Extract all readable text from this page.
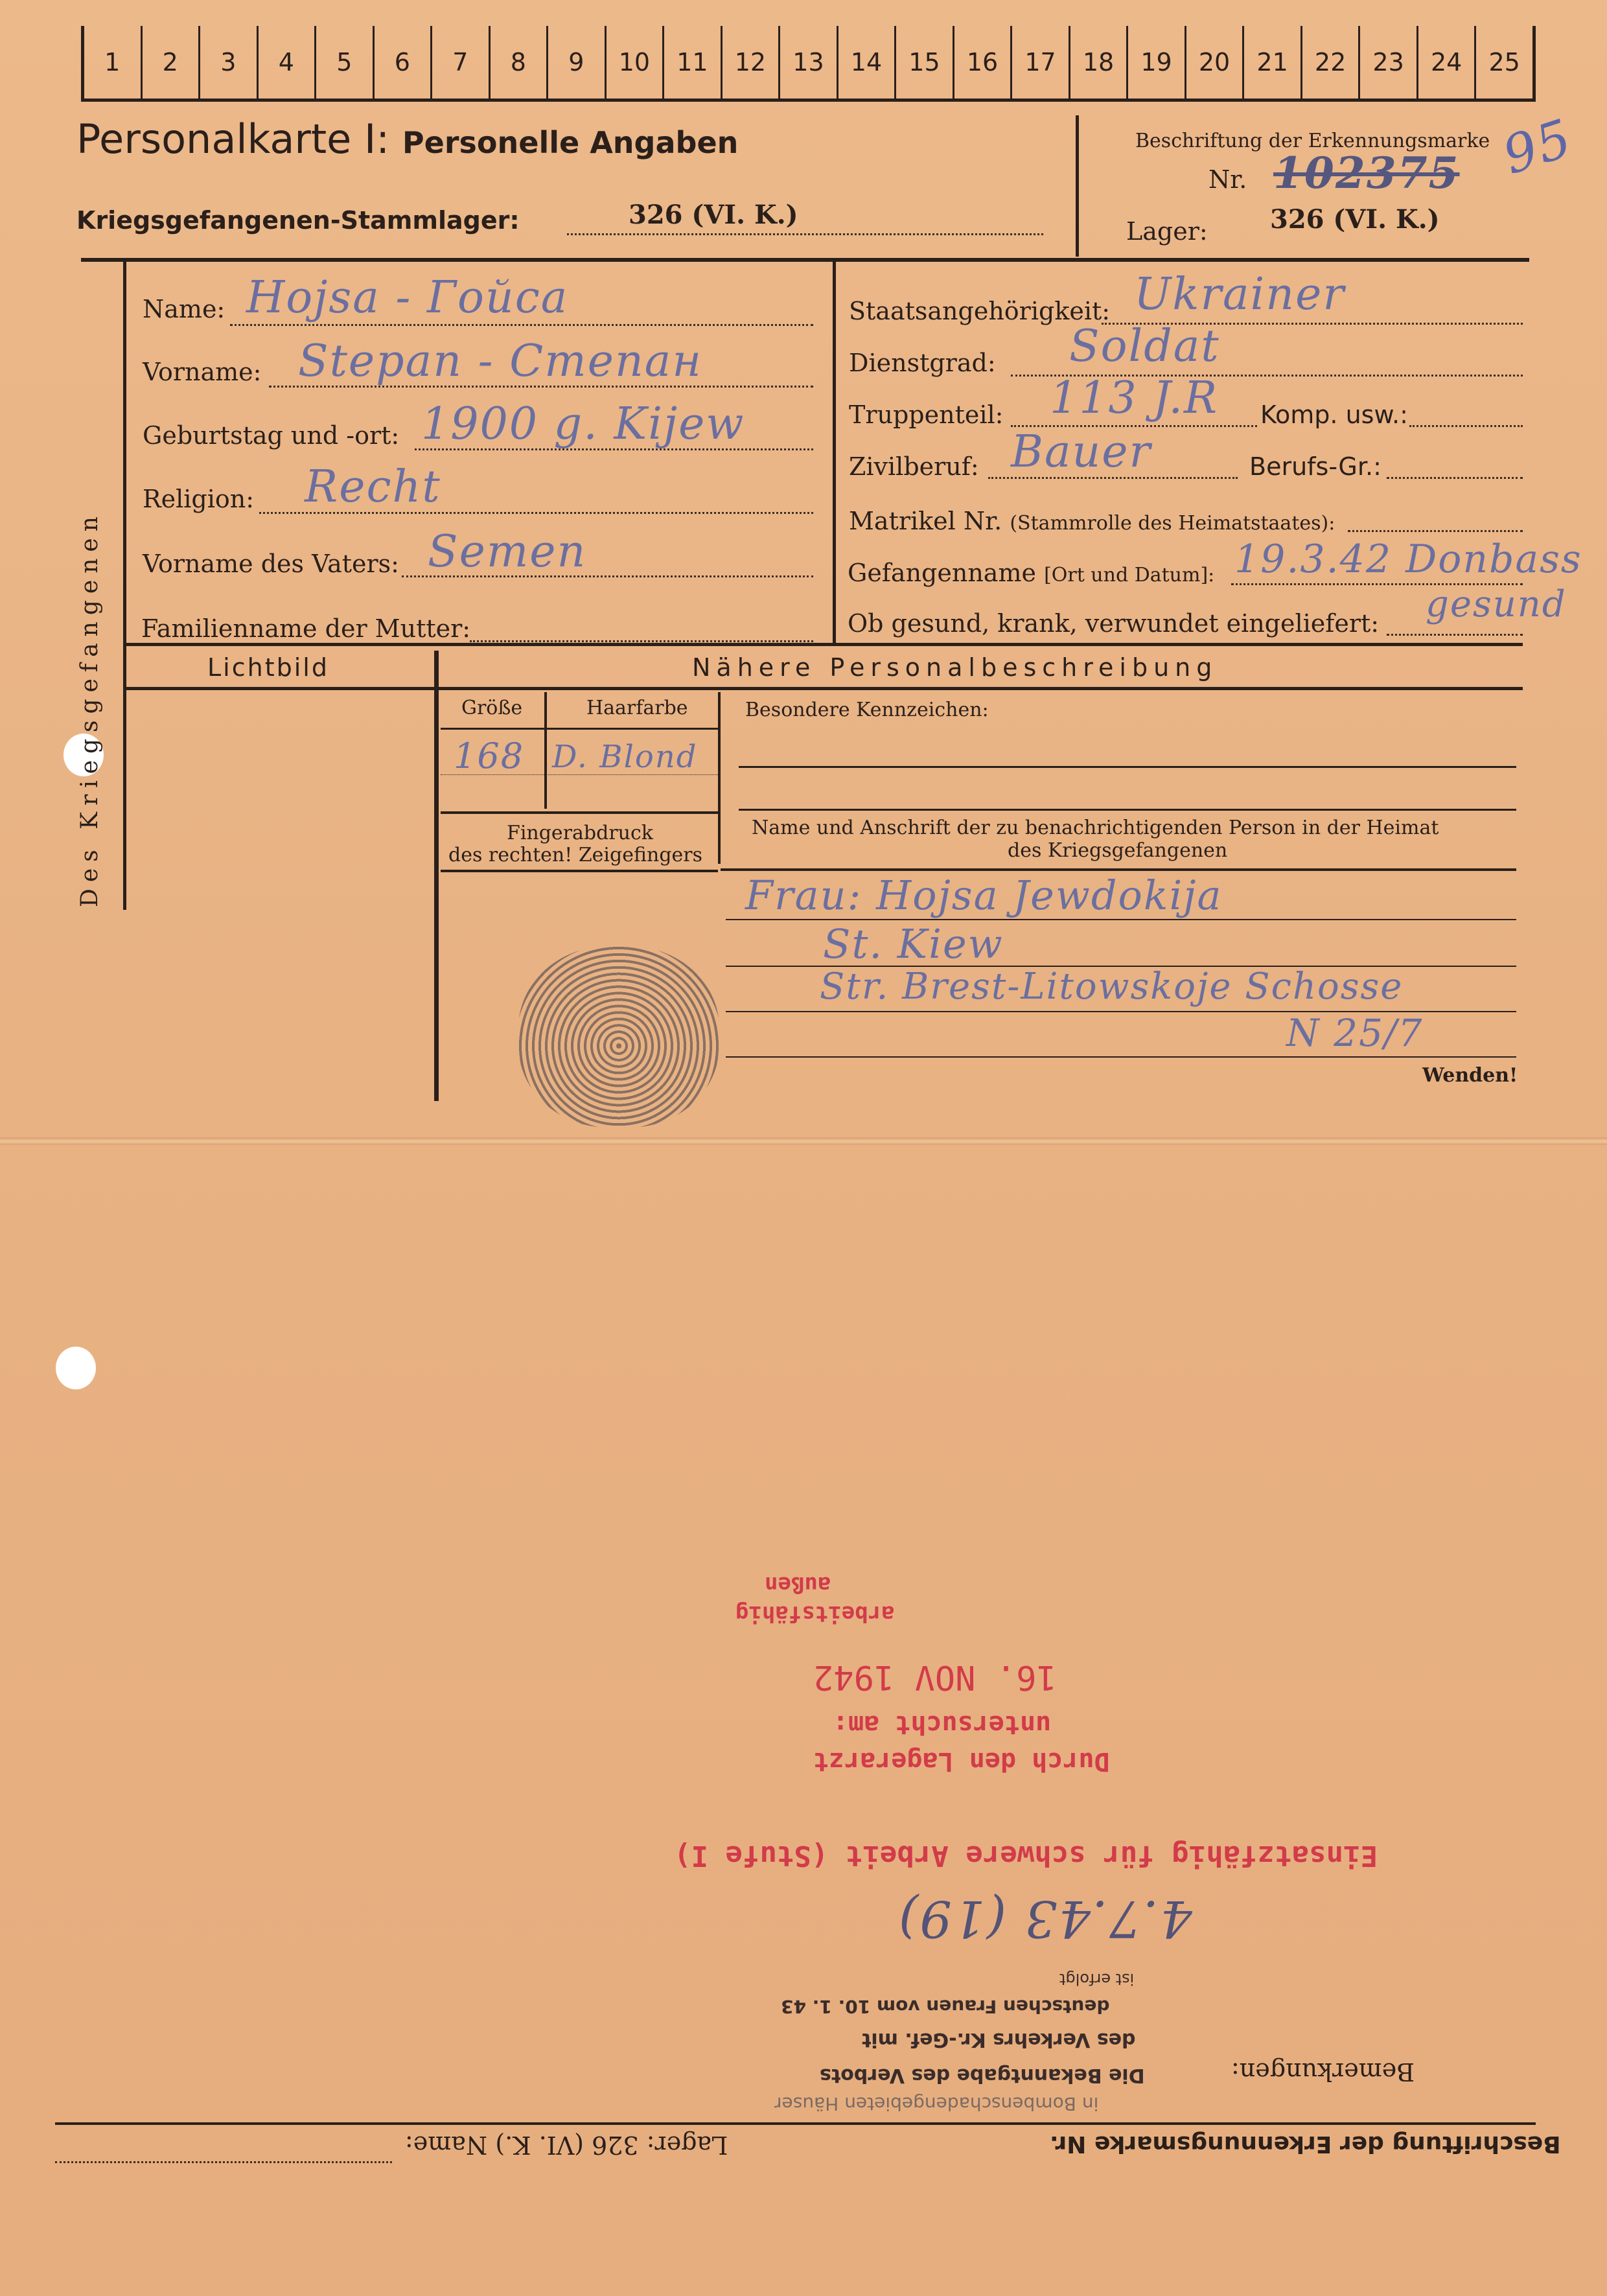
1	2	3	4	5	6	7	8	9	10	11	12	13	14	15	16	17	18	19	20	21	22	23	24	25
Personalkarte I: Personelle Angaben
Kriegsgefangenen-Stammlager:	326 (VI. K.)
Beschriftung der Erkennungsmarke
Nr. 102375 95
Lager: 326 (VI. K.)
Des Kriegsgefangenen
Name: Hojsa - Гойса
Vorname: Stepan - Степан
Geburtstag und -ort: 1900 g. Kijew
Religion: Recht
Vorname des Vaters: Semen
Familienname der Mutter:
Staatsangehörigkeit: Ukrainer
Dienstgrad: Soldat
Truppenteil: 113 J.R Komp. usw.:
Zivilberuf: Bauer	Berufs-Gr.:
Matrikel Nr. (Stammrolle des Heimatstaates):
Gefangenname [Ort und Datum]: 19.3.42 Donbass
Ob gesund, krank, verwundet eingeliefert: gesund
Lichtbild	Nähere Personalbeschreibung
Größe	Haarfarbe
168 D. Blond
Besondere Kennzeichen:
Fingerabdruck
des rechten! Zeigefingers
Name und Anschrift der zu benachrichtigenden Person in der Heimat
des Kriegsgefangenen
Frau: Hojsa Jewdokija
St. Kiew
Str. Brest-Litowskoje Schosse
N 25/7
Wenden!
außen
arbeitsfähig
16. NOV 1942
untersucht am:
Durch den Lagerarzt
Einsatzfähig für schwere Arbeit (Stufe I)
4.7.43 (19)
ist erfolgt
deutschen Frauen vom 10. 1. 43
des Verkehrs Kr.-Gef. mit
Die Bekanntgabe des Verbots
in Bombenschadengebieten Häuser
Bemerkungen:
Beschriftung der Erkennungsmarke Nr.
Lager: 326 (VI. K.) Name:
